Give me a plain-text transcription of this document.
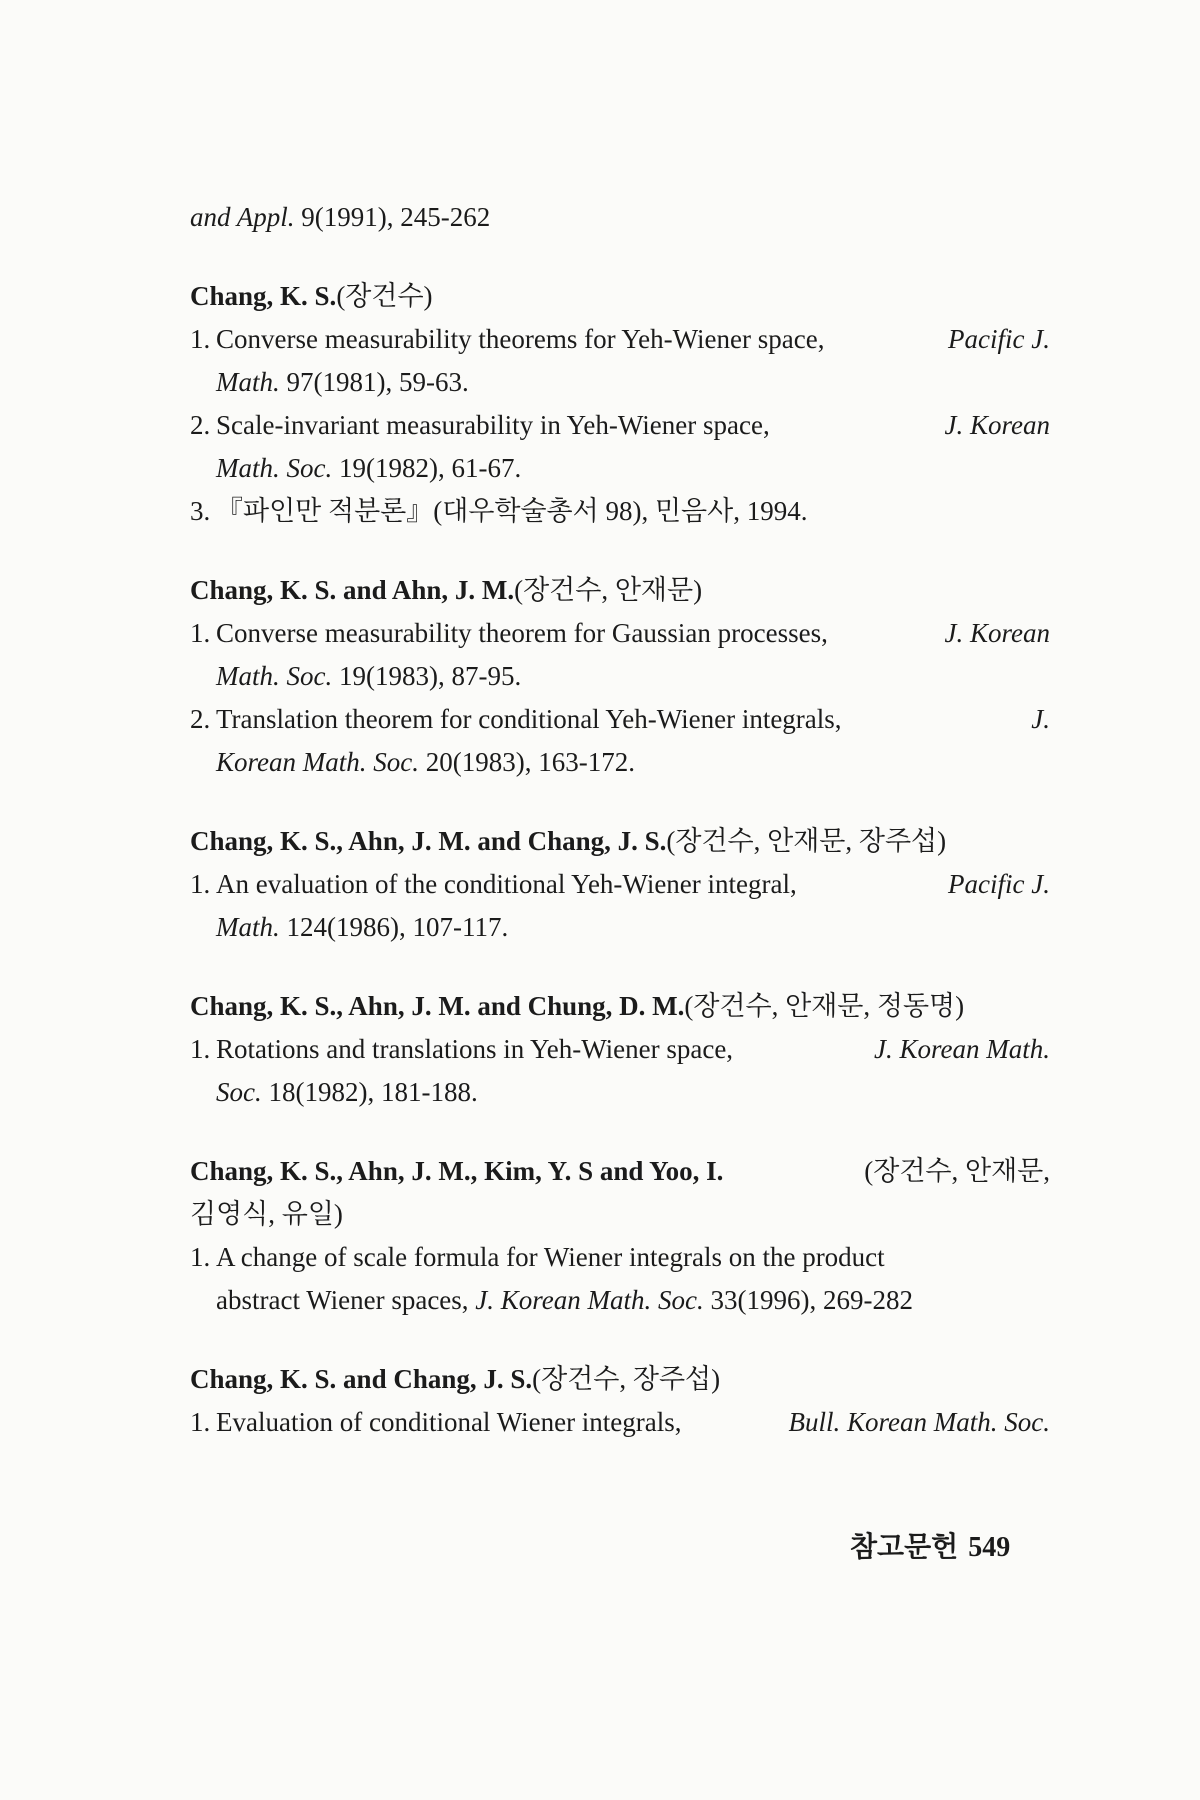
and Appl. 9(1991), 245-262
Chang, K. S.(장건수)
1. Converse measurability theorems for Yeh-Wiener space,	Pacific J.
Math. 97(1981), 59-63.
2. Scale-invariant measurability in Yeh-Wiener space,	J. Korean
Math. Soc. 19(1982), 61-67.
3. 『파인만 적분론』(대우학술총서 98), 민음사, 1994.
Chang, K. S. and Ahn, J. M.(장건수, 안재문)
1. Converse measurability theorem for Gaussian processes,	J. Korean
Math. Soc. 19(1983), 87-95.
2. Translation theorem for conditional Yeh-Wiener integrals,	J.
Korean Math. Soc. 20(1983), 163-172.
Chang, K. S., Ahn, J. M. and Chang, J. S.(장건수, 안재문, 장주섭)
1. An evaluation of the conditional Yeh-Wiener integral,	Pacific J.
Math. 124(1986), 107-117.
Chang, K. S., Ahn, J. M. and Chung, D. M.(장건수, 안재문, 정동명)
1. Rotations and translations in Yeh-Wiener space,	J. Korean Math.
Soc. 18(1982), 181-188.
Chang, K. S., Ahn, J. M., Kim, Y. S and Yoo, I.	(장건수, 안재문,
김영식, 유일)
1. A change of scale formula for Wiener integrals on the product
abstract Wiener spaces, J. Korean Math. Soc. 33(1996), 269-282
Chang, K. S. and Chang, J. S.(장건수, 장주섭)
1. Evaluation of conditional Wiener integrals,	Bull. Korean Math. Soc.
참고문헌 549
